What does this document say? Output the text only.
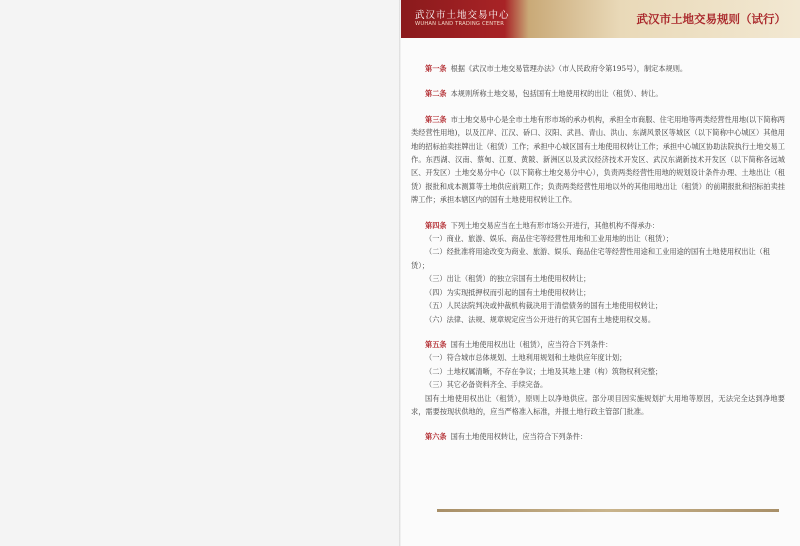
武汉市土地交易中心
WUHAN LAND TRADING CENTER	武汉市土地交易规则（试行）

第一条 根据《武汉市土地交易管理办法》（市人民政府令第195号），制定本规则。

第二条 本规则所称土地交易，包括国有土地使用权的出让（租赁）、转让。

第三条 市土地交易中心是全市土地有形市场的承办机构，承担全市商服、住宅用地等两类经营性用地(以下简称两类经营性用地)，以及江岸、江汉、硚口、汉阳、武昌、青山、洪山、东湖风景区等城区（以下简称中心城区）其他用地的招标拍卖挂牌出让（租赁）工作；承担中心城区国有土地使用权转让工作；承担中心城区协助法院执行土地交易工作。东西湖、汉南、蔡甸、江夏、黄陂、新洲区以及武汉经济技术开发区、武汉东湖新技术开发区（以下简称各远城区、开发区）土地交易分中心（以下简称土地交易分中心），负责两类经营性用地的规划设计条件办理、土地出让（租赁）报批和成本测算等土地供应前期工作；负责两类经营性用地以外的其他用地出让（租赁）的前期报批和招标拍卖挂牌工作；承担本辖区内的国有土地使用权转让工作。

第四条 下列土地交易应当在土地有形市场公开进行，其他机构不得承办：

（一）商业、旅游、娱乐、商品住宅等经营性用地和工业用地的出让（租赁）；

（二）经批准将用途改变为商业、旅游、娱乐、商品住宅等经营性用途和工业用途的国有土地使用权出让（租赁）；

（三）出让（租赁）的独立宗国有土地使用权转让；

（四）为实现抵押权而引起的国有土地使用权转让；

（五）人民法院判决或仲裁机构裁决用于清偿债务的国有土地使用权转让；

（六）法律、法规、规章规定应当公开进行的其它国有土地使用权交易。

第五条 国有土地使用权出让（租赁），应当符合下列条件：

（一）符合城市总体规划、土地利用规划和土地供应年度计划；

（二）土地权属清晰，不存在争议；土地及其地上建（构）筑物权利完整；

（三）其它必备资料齐全、手续完备。

国有土地使用权出让（租赁），原则上以净地供应。部分项目因实施规划扩大用地等原因，无法完全达到净地要求，需要按现状供地的，应当严格准入标准，并报土地行政主管部门批准。

第六条 国有土地使用权转让，应当符合下列条件：
